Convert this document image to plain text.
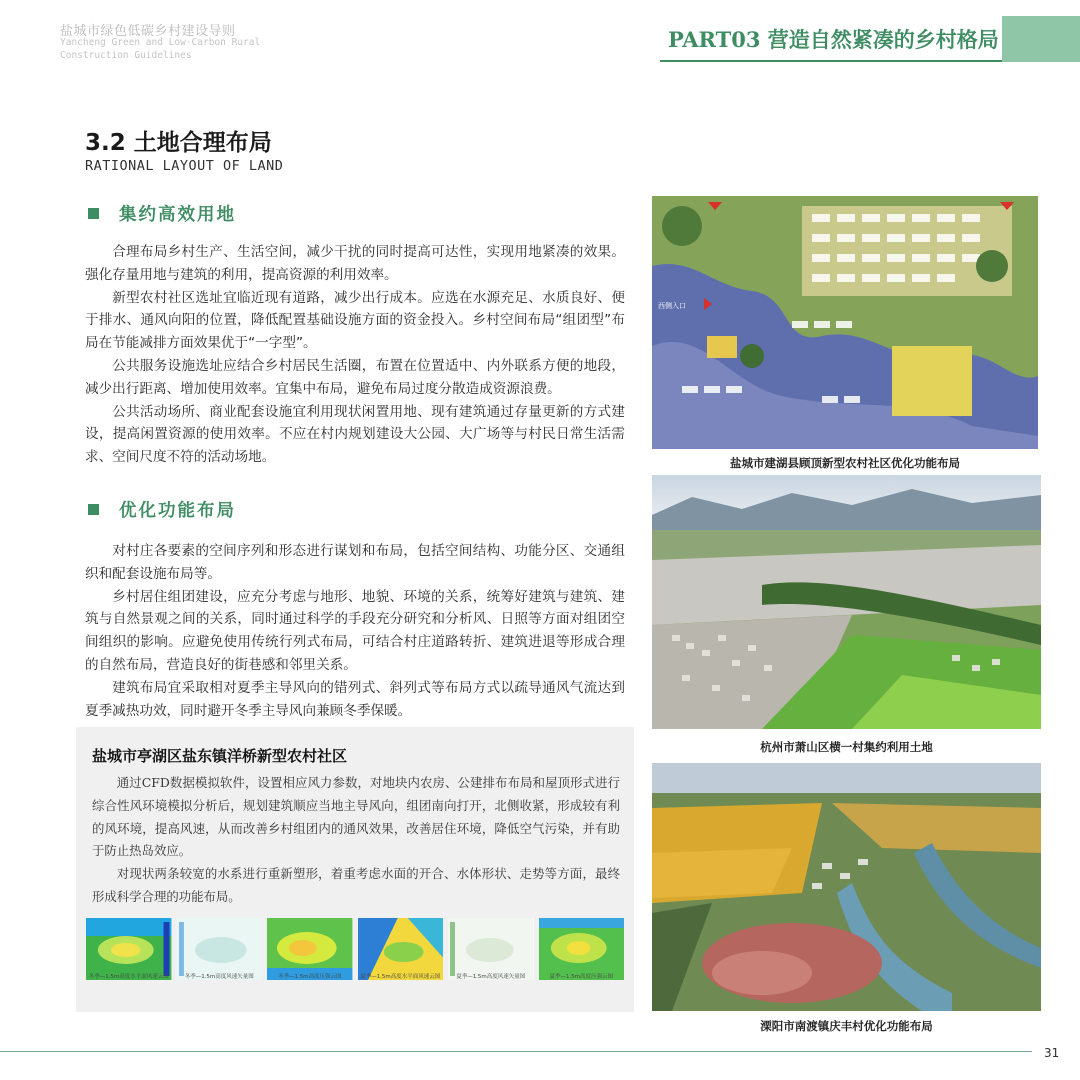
盐城市绿色低碳乡村建设导则
Yancheng Green and Low-Carbon Rural Construction Guidelines
PART03 营造自然紧凑的乡村格局
3.2 土地合理布局
RATIONAL LAYOUT OF LAND
集约高效用地

合理布局乡村生产、生活空间，减少干扰的同时提高可达性，实现用地紧凑的效果。强化存量用地与建筑的利用，提高资源的利用效率。

新型农村社区选址宜临近现有道路，减少出行成本。应选在水源充足、水质良好、便于排水、通风向阳的位置，降低配置基础设施方面的资金投入。乡村空间布局“组团型”布局在节能减排方面效果优于“一字型”。

公共服务设施选址应结合乡村居民生活圈，布置在位置适中、内外联系方便的地段，减少出行距离、增加使用效率。宜集中布局，避免布局过度分散造成资源浪费。

公共活动场所、商业配套设施宜利用现状闲置用地、现有建筑通过存量更新的方式建设，提高闲置资源的使用效率。不应在村内规划建设大公园、大广场等与村民日常生活需求、空间尺度不符的活动场地。

优化功能布局

对村庄各要素的空间序列和形态进行谋划和布局，包括空间结构、功能分区、交通组织和配套设施布局等。

乡村居住组团建设，应充分考虑与地形、地貌、环境的关系，统筹好建筑与建筑、建筑与自然景观之间的关系，同时通过科学的手段充分研究和分析风、日照等方面对组团空间组织的影响。应避免使用传统行列式布局，可结合村庄道路转折、建筑进退等形成合理的自然布局，营造良好的街巷感和邻里关系。

建筑布局宜采取相对夏季主导风向的错列式、斜列式等布局方式以疏导通风气流达到夏季减热功效，同时避开冬季主导风向兼顾冬季保暖。

盐城市亭湖区盐东镇洋桥新型农村社区

通过CFD数据模拟软件，设置相应风力参数，对地块内农房、公建排布布局和屋顶形式进行综合性风环境模拟分析后，规划建筑顺应当地主导风向，组团南向打开，北侧收紧，形成较有利的风环境，提高风速，从而改善乡村组团内的通风效果，改善居住环境，降低空气污染，并有助于防止热岛效应。

对现状两条较宽的水系进行重新塑形，着重考虑水面的开合、水体形状、走势等方面，最终形成科学合理的功能布局。

冬季—1.5m高度水平面风速云图	冬季—1.5m高度风速矢量图	冬季—1.5m高度压强云图	夏季—1.5m高度水平面风速云图	夏季—1.5m高度风速矢量图	夏季—1.5m高度压强云图
西侧入口
盐城市建湖县顾顶新型农村社区优化功能布局
杭州市萧山区横一村集约利用土地
溧阳市南渡镇庆丰村优化功能布局
31
